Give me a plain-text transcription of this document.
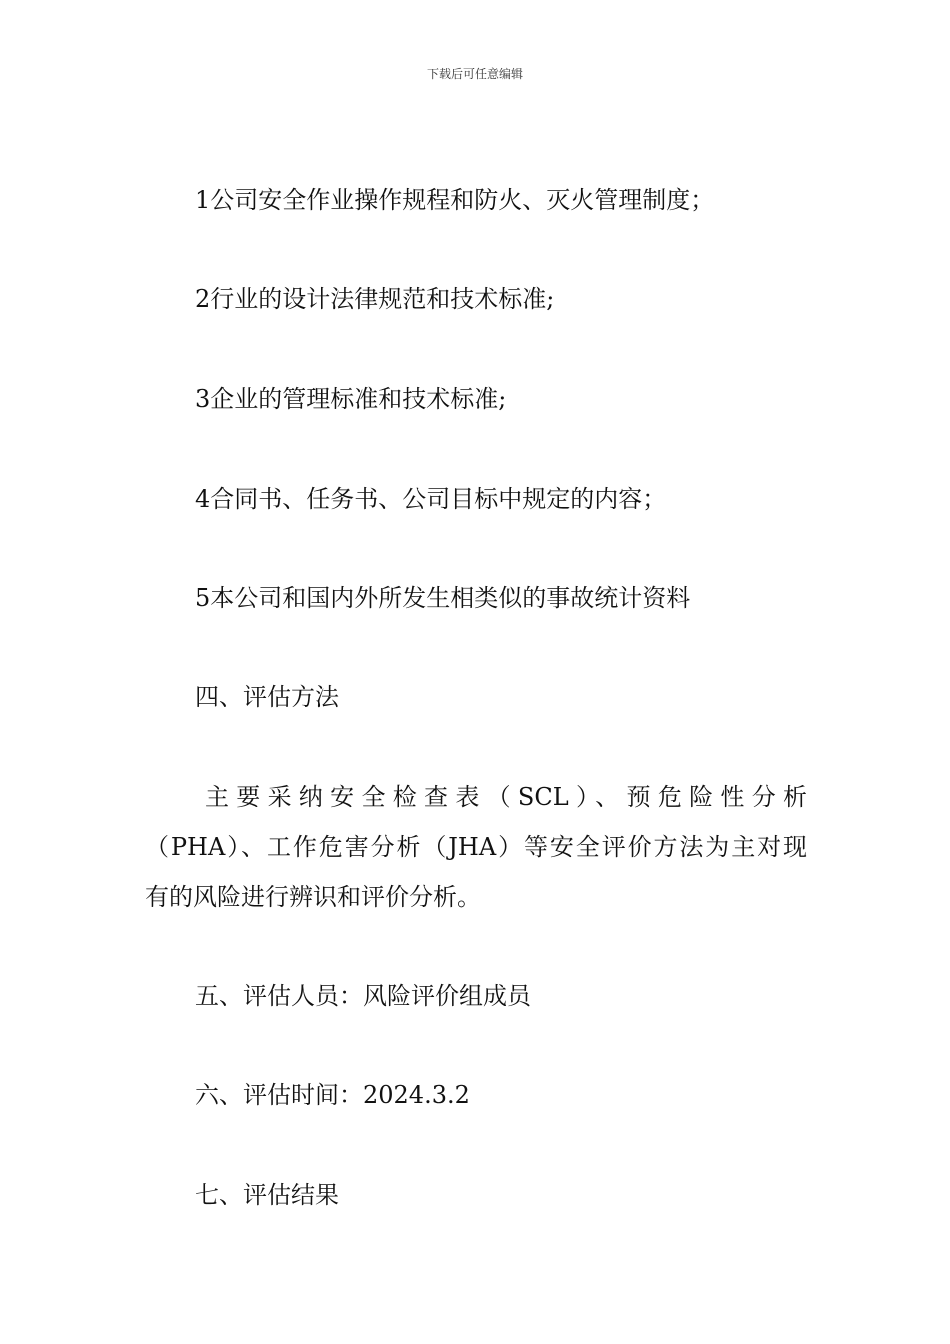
下载后可任意编辑
1公司安全作业操作规程和防火、灭火管理制度；
2行业的设计法律规范和技术标准;
3企业的管理标准和技术标准;
4合同书、任务书、公司目标中规定的内容；
5本公司和国内外所发生相类似的事故统计资料
四、评估方法
主要采纳安全检查表（SCL）、预危险性分析
（PHA）、工作危害分析（JHA）等安全评价方法为主对现
有的风险进行辨识和评价分析。
五、评估人员：风险评价组成员
六、评估时间：2024.3.2
七、评估结果
